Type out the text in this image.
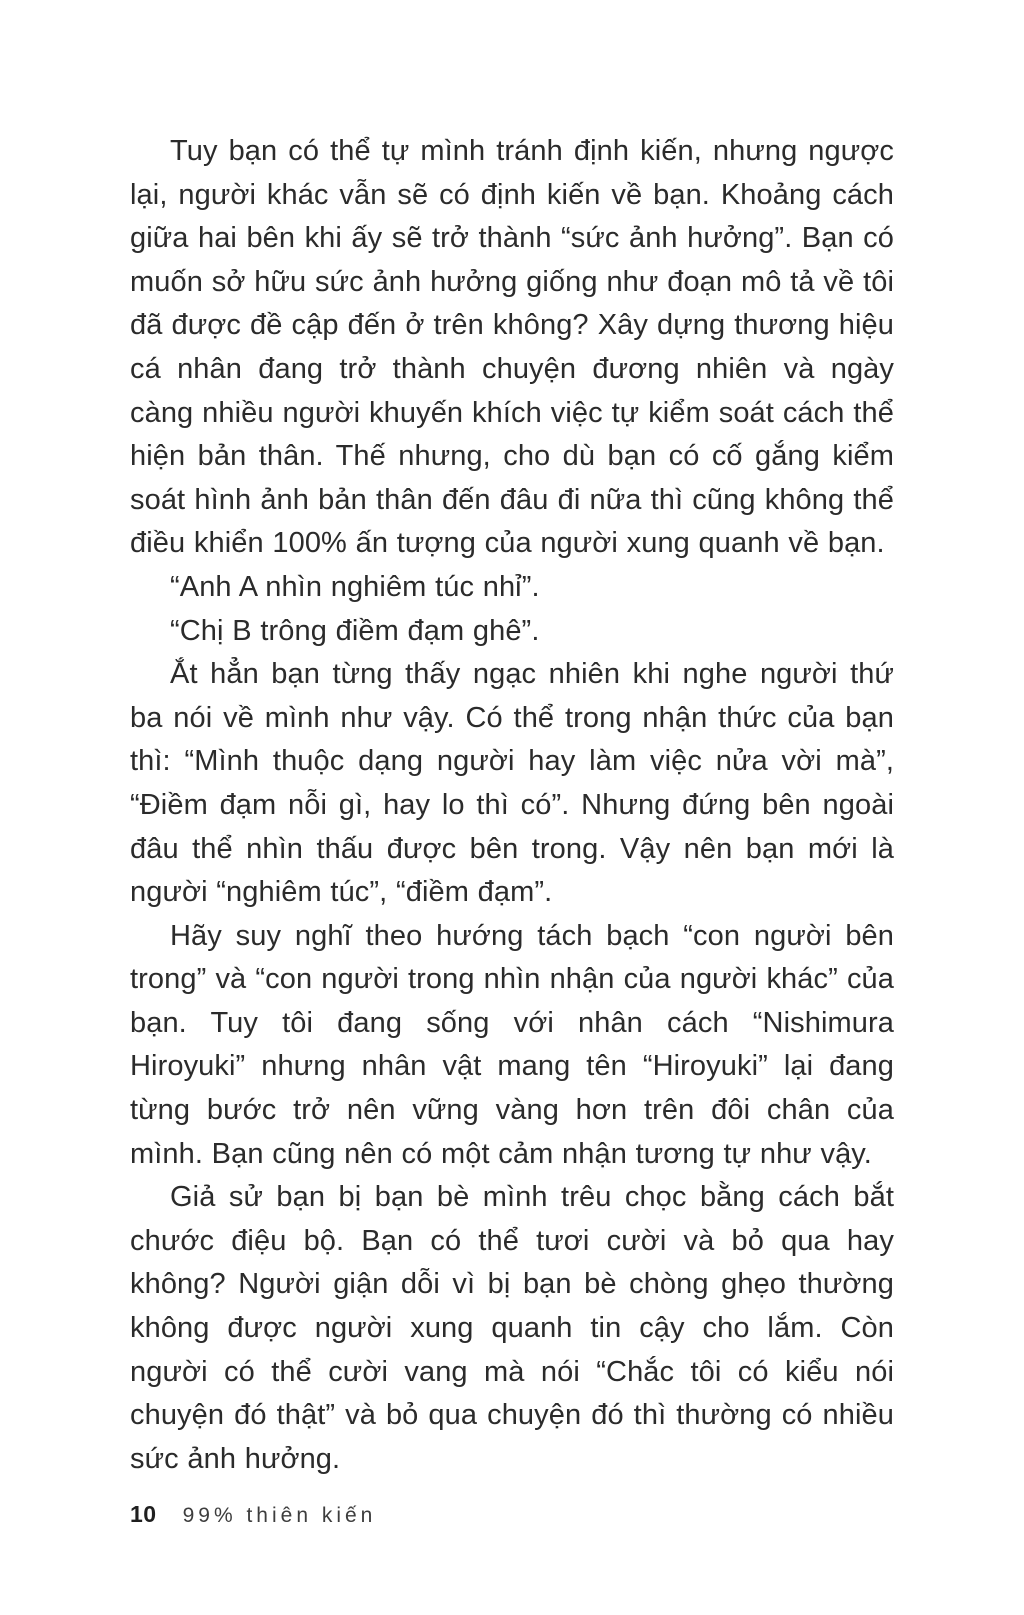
Tuy bạn có thể tự mình tránh định kiến, nhưng ngược lại, người khác vẫn sẽ có định kiến về bạn. Khoảng cách giữa hai bên khi ấy sẽ trở thành “sức ảnh hưởng”. Bạn có muốn sở hữu sức ảnh hưởng giống như đoạn mô tả về tôi đã được đề cập đến ở trên không? Xây dựng thương hiệu cá nhân đang trở thành chuyện đương nhiên và ngày càng nhiều người khuyến khích việc tự kiểm soát cách thể hiện bản thân. Thế nhưng, cho dù bạn có cố gắng kiểm soát hình ảnh bản thân đến đâu đi nữa thì cũng không thể điều khiển 100% ấn tượng của người xung quanh về bạn.

“Anh A nhìn nghiêm túc nhỉ”.

“Chị B trông điềm đạm ghê”.

Ắt hẳn bạn từng thấy ngạc nhiên khi nghe người thứ ba nói về mình như vậy. Có thể trong nhận thức của bạn thì: “Mình thuộc dạng người hay làm việc nửa vời mà”, “Điềm đạm nỗi gì, hay lo thì có”. Nhưng đứng bên ngoài đâu thể nhìn thấu được bên trong. Vậy nên bạn mới là người “nghiêm túc”, “điềm đạm”.

Hãy suy nghĩ theo hướng tách bạch “con người bên trong” và “con người trong nhìn nhận của người khác” của bạn. Tuy tôi đang sống với nhân cách “Nishimura Hiroyuki” nhưng nhân vật mang tên “Hiroyuki” lại đang từng bước trở nên vững vàng hơn trên đôi chân của mình. Bạn cũng nên có một cảm nhận tương tự như vậy.

Giả sử bạn bị bạn bè mình trêu chọc bằng cách bắt chước điệu bộ. Bạn có thể tươi cười và bỏ qua hay không? Người giận dỗi vì bị bạn bè chòng ghẹo thường không được người xung quanh tin cậy cho lắm. Còn người có thể cười vang mà nói “Chắc tôi có kiểu nói chuyện đó thật” và bỏ qua chuyện đó thì thường có nhiều sức ảnh hưởng.

10 99% thiên kiến
